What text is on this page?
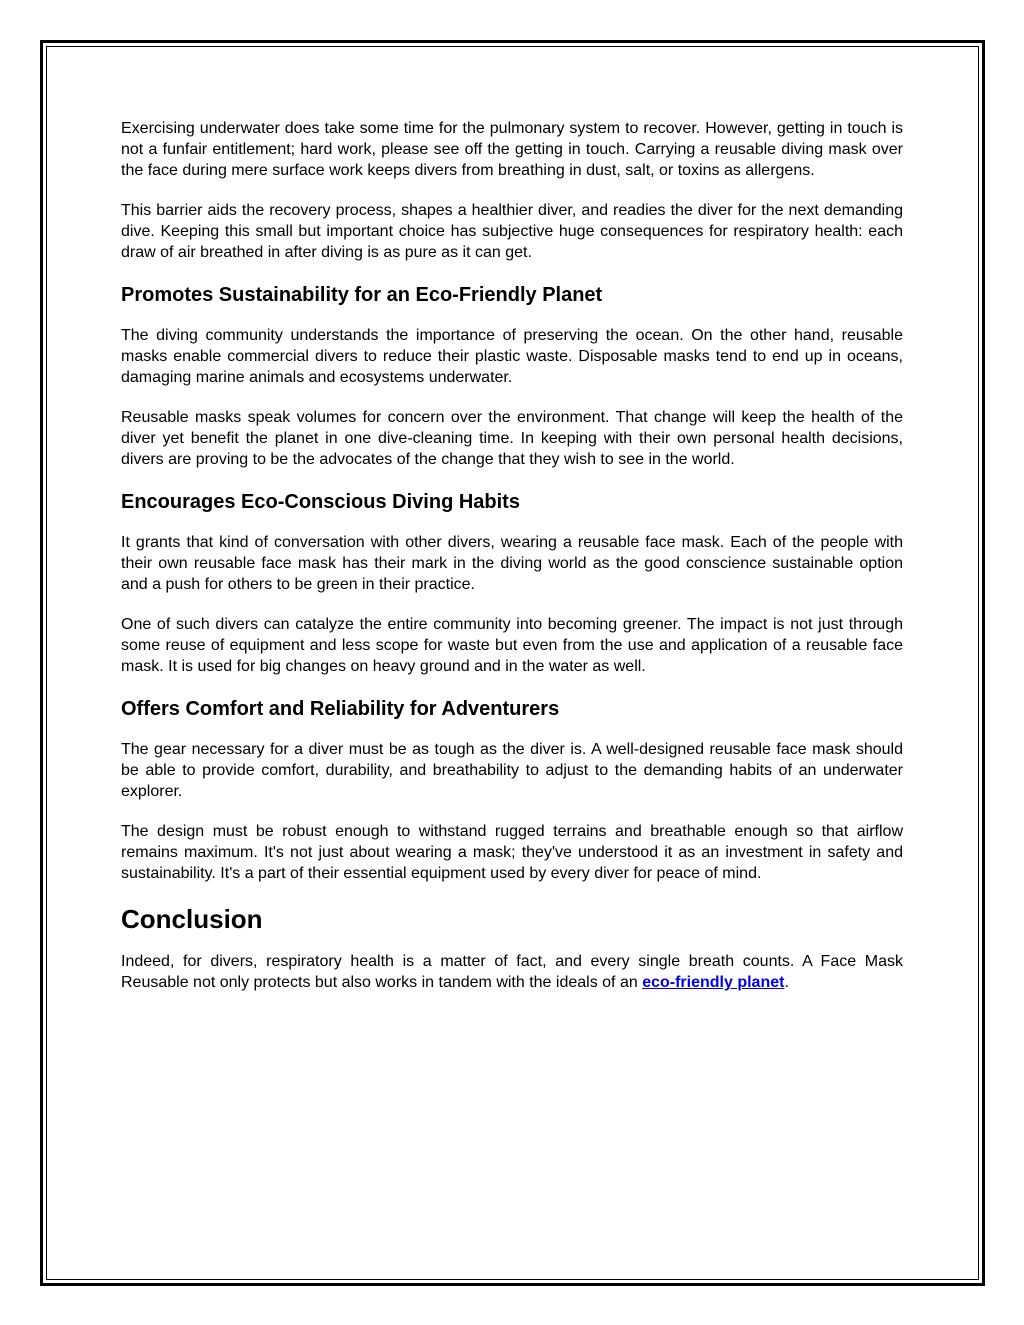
Exercising underwater does take some time for the pulmonary system to recover. However, getting in touch is not a funfair entitlement; hard work, please see off the getting in touch. Carrying a reusable diving mask over the face during mere surface work keeps divers from breathing in dust, salt, or toxins as allergens.

This barrier aids the recovery process, shapes a healthier diver, and readies the diver for the next demanding dive. Keeping this small but important choice has subjective huge consequences for respiratory health: each draw of air breathed in after diving is as pure as it can get.

Promotes Sustainability for an Eco-Friendly Planet

The diving community understands the importance of preserving the ocean. On the other hand, reusable masks enable commercial divers to reduce their plastic waste. Disposable masks tend to end up in oceans, damaging marine animals and ecosystems underwater.

Reusable masks speak volumes for concern over the environment. That change will keep the health of the diver yet benefit the planet in one dive-cleaning time. In keeping with their own personal health decisions, divers are proving to be the advocates of the change that they wish to see in the world.

Encourages Eco-Conscious Diving Habits

It grants that kind of conversation with other divers, wearing a reusable face mask. Each of the people with their own reusable face mask has their mark in the diving world as the good conscience sustainable option and a push for others to be green in their practice.

One of such divers can catalyze the entire community into becoming greener. The impact is not just through some reuse of equipment and less scope for waste but even from the use and application of a reusable face mask. It is used for big changes on heavy ground and in the water as well.

Offers Comfort and Reliability for Adventurers

The gear necessary for a diver must be as tough as the diver is. A well-designed reusable face mask should be able to provide comfort, durability, and breathability to adjust to the demanding habits of an underwater explorer.

The design must be robust enough to withstand rugged terrains and breathable enough so that airflow remains maximum. It's not just about wearing a mask; they've understood it as an investment in safety and sustainability. It's a part of their essential equipment used by every diver for peace of mind.

Conclusion

Indeed, for divers, respiratory health is a matter of fact, and every single breath counts. A Face Mask Reusable not only protects but also works in tandem with the ideals of an eco-friendly planet.
